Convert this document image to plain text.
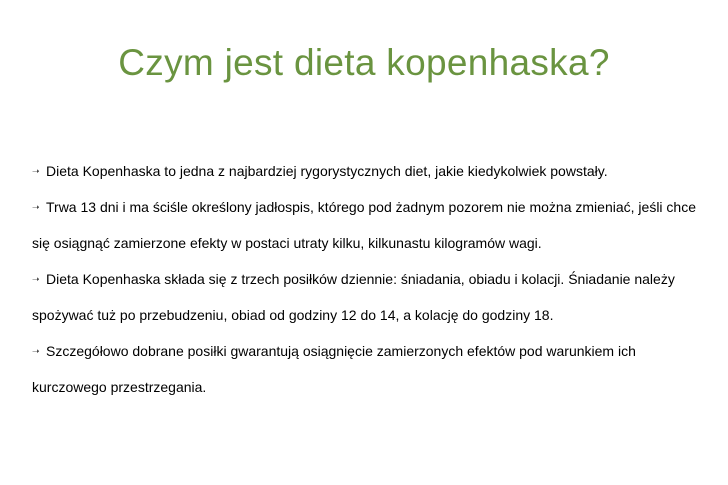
Czym jest dieta kopenhaska?

➝ Dieta Kopenhaska to jedna z najbardziej rygorystycznych diet, jakie kiedykolwiek powstały.

➝ Trwa 13 dni i ma ściśle określony jadłospis, którego pod żadnym pozorem nie można zmieniać, jeśli chce się osiągnąć zamierzone efekty w postaci utraty kilku, kilkunastu kilogramów wagi.

➝ Dieta Kopenhaska składa się z trzech posiłków dziennie: śniadania, obiadu i kolacji. Śniadanie należy spożywać tuż po przebudzeniu, obiad od godziny 12 do 14, a kolację do godziny 18.

➝ Szczegółowo dobrane posiłki gwarantują osiągnięcie zamierzonych efektów pod warunkiem ich kurczowego przestrzegania.
